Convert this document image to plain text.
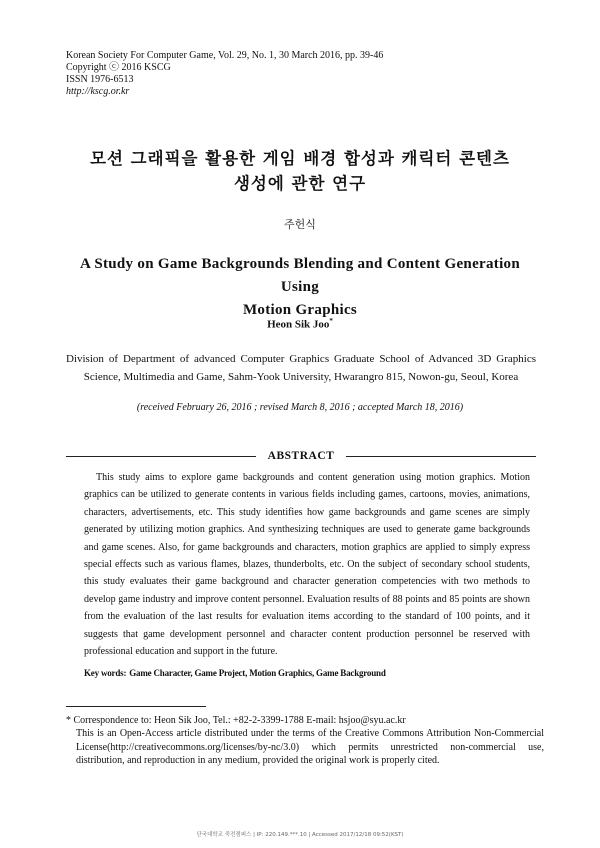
Korean Society For Computer Game, Vol. 29, No. 1, 30 March 2016, pp. 39-46
Copyright ⓒ 2016 KSCG
ISSN 1976-6513
http://kscg.or.kr
모션 그래픽을 활용한 게임 배경 합성과 캐릭터 콘텐츠
생성에 관한 연구
주헌식
A Study on Game Backgrounds Blending and Content Generation Using
Motion Graphics
Heon Sik Joo*
Division of Department of advanced Computer Graphics Graduate School of Advanced 3D Graphics Science, Multimedia and Game, Sahm-Yook University, Hwarangro 815, Nowon-gu, Seoul, Korea
(received February 26, 2016 ; revised March 8, 2016 ; accepted March 18, 2016)
ABSTRACT

This study aims to explore game backgrounds and content generation using motion graphics. Motion graphics can be utilized to generate contents in various fields including games, cartoons, movies, animations, characters, advertisements, etc. This study identifies how game backgrounds and game scenes are simply generated by utilizing motion graphics. And synthesizing techniques are used to generate game backgrounds and game scenes. Also, for game backgrounds and characters, motion graphics are applied to simply express special effects such as various flames, blazes, thunderbolts, etc. On the subject of secondary school students, this study evaluates their game background and character generation competencies with two methods to develop game industry and improve content personnel. Evaluation results of 88 points and 85 points are shown from the evaluation of the last results for evaluation items according to the standard of 100 points, and it suggests that game development personnel and character content production personnel be reserved with professional education and support in the future.

Key words: Game Character, Game Project, Motion Graphics, Game Background
* Correspondence to: Heon Sik Joo, Tel.: +82-2-3399-1788 E-mail: hsjoo@syu.ac.kr
This is an Open-Access article distributed under the terms of the Creative Commons Attribution Non-Commercial License(http://creativecommons.org/licenses/by-nc/3.0) which permits unrestricted non-commercial use, distribution, and reproduction in any medium, provided the original work is properly cited.
단국대학교 죽전캠퍼스 | IP: 220.149.***.10 | Accessed 2017/12/18 09:52(KST)
